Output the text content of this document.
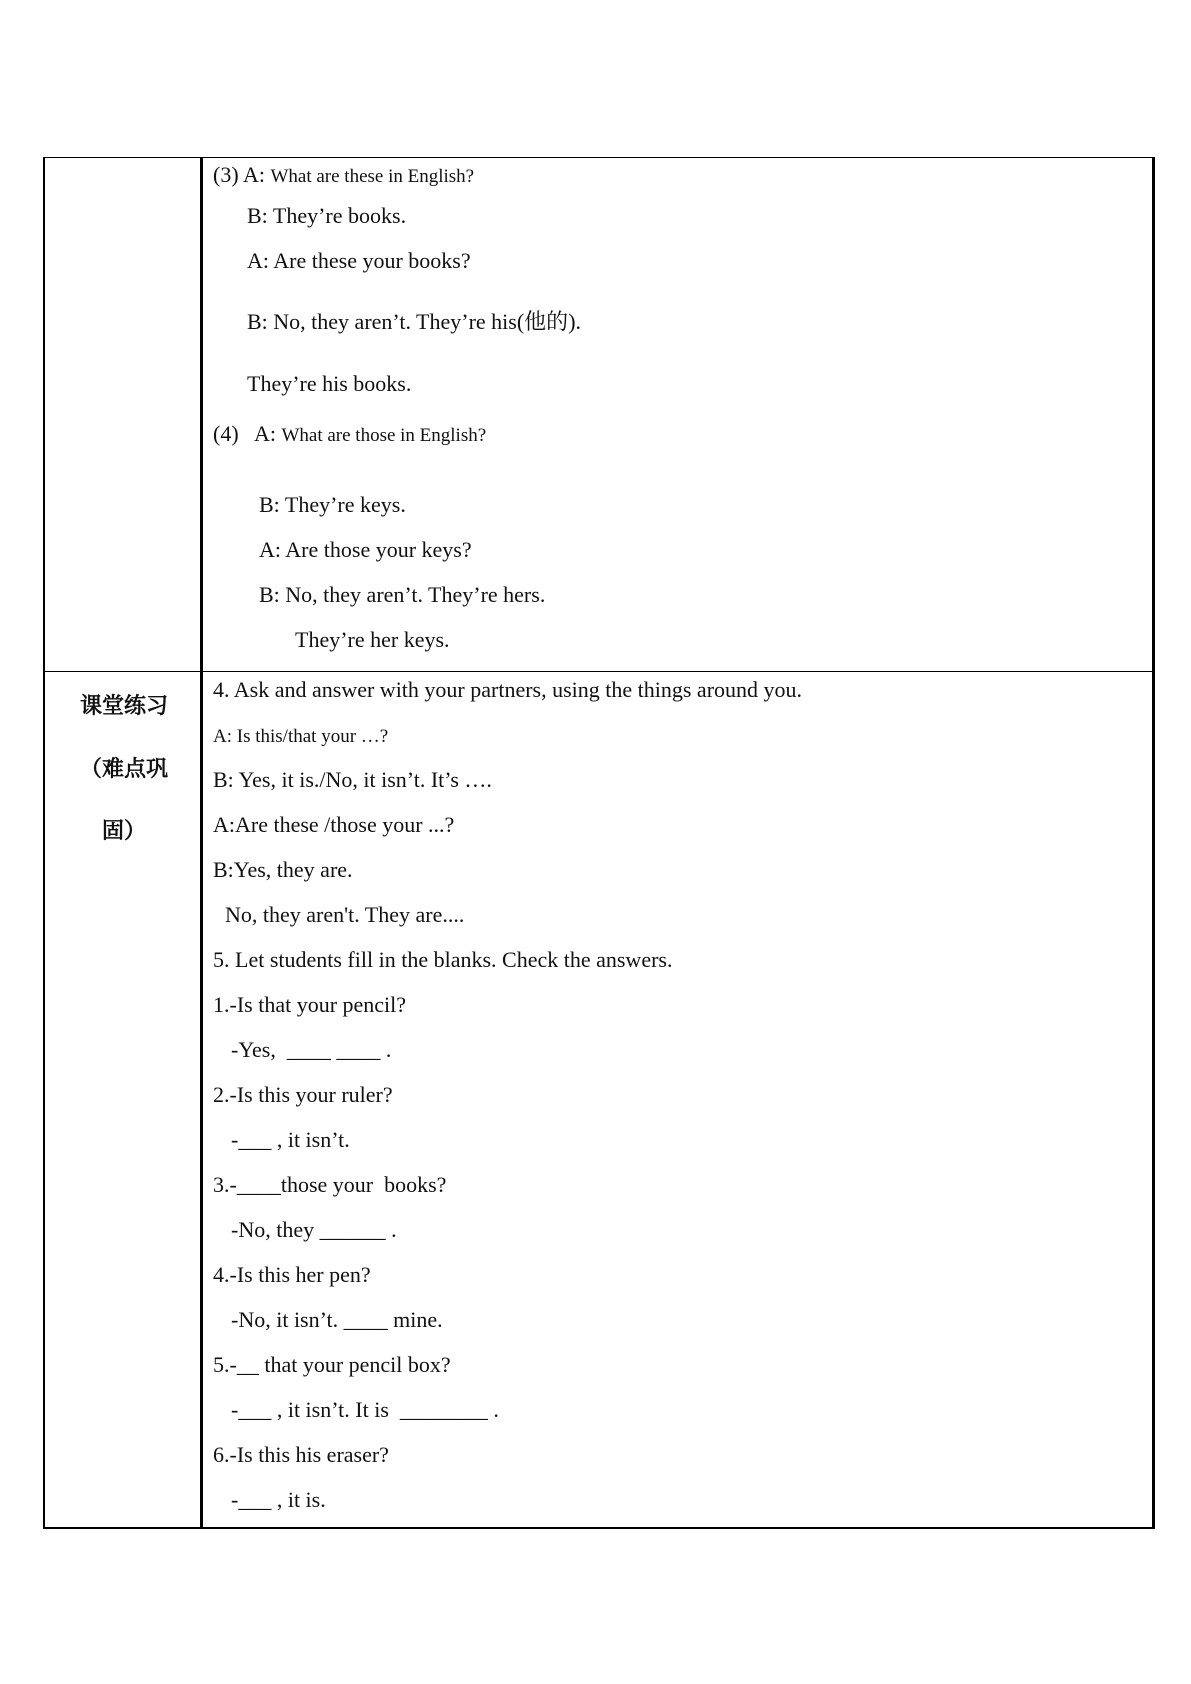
(3) A: What are these in English?
B: They’re books.
A: Are these your books?
B: No, they aren’t. They’re his(他的).
They’re his books.
(4)   A: What are those in English?
B: They’re keys.
A: Are those your keys?
B: No, they aren’t. They’re hers.
They’re her keys.
课堂练习
（难点巩
固）
4. Ask and answer with your partners, using the things around you.
A: Is this/that your …?
B: Yes, it is./No, it isn’t. It’s ….
A:Are these /those your ...?
B:Yes, they are.
No, they aren't. They are....
5. Let students fill in the blanks. Check the answers.
1.-Is that your pencil?
-Yes,  ____ ____ .
2.-Is this your ruler?
-___ , it isn’t.
3.-____those your  books?
-No, they ______ .
4.-Is this her pen?
-No, it isn’t. ____ mine.
5.-__ that your pencil box?
-___ , it isn’t. It is  ________ .
6.-Is this his eraser?
-___ , it is.
